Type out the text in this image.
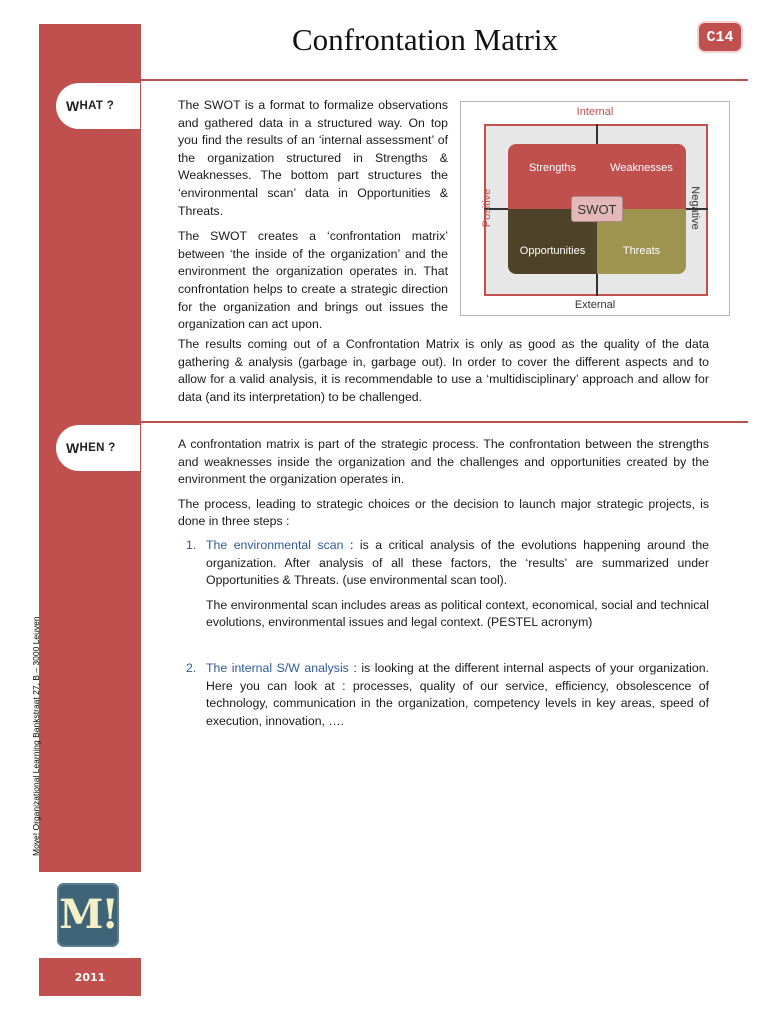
Move! Organizational Learning Bankstraat 27, B – 3000 Leuven
M!
2011
Confrontation Matrix	C14
W HAT ?	The SWOT is a format to formalize observations and gathered data in a structured way. On top you find the results of an ‘internal assessment’ of the organization structured in Strengths & Weaknesses. The bottom part structures the ‘environmental scan’ data in Opportunities & Threats.

The SWOT creates a ‘confrontation matrix’ between ‘the inside of the organization’ and the environment the organization operates in. That confrontation helps to create a strategic direction for the organization and brings out issues the organization can act upon.

Internal
Strengths	Weaknesses
Opportunities	Threats
SWOT
Positive	Negative
External

The results coming out of a Confrontation Matrix is only as good as the quality of the data gathering & analysis (garbage in, garbage out). In order to cover the different aspects and to allow for a valid analysis, it is recommendable to use a ‘multidisciplinary’ approach and allow for data (and its interpretation) to be challenged.

W HEN ?	A confrontation matrix is part of the strategic process. The confrontation between the strengths and weaknesses inside the organization and the challenges and opportunities created by the environment the organization operates in.

The process, leading to strategic choices or the decision to launch major strategic projects, is done in three steps :

1. The environmental scan : is a critical analysis of the evolutions happening around the organization. After analysis of all these factors, the ‘results’ are summarized under Opportunities & Threats. (use environmental scan tool).

The environmental scan includes areas as political context, economical, social and technical evolutions, environmental issues and legal context. (PESTEL acronym)

2. The internal S/W analysis : is looking at the different internal aspects of your organization. Here you can look at : processes, quality of our service, efficiency, obsolescence of technology, communication in the organization, competency levels in key areas, speed of execution, innovation, ….
